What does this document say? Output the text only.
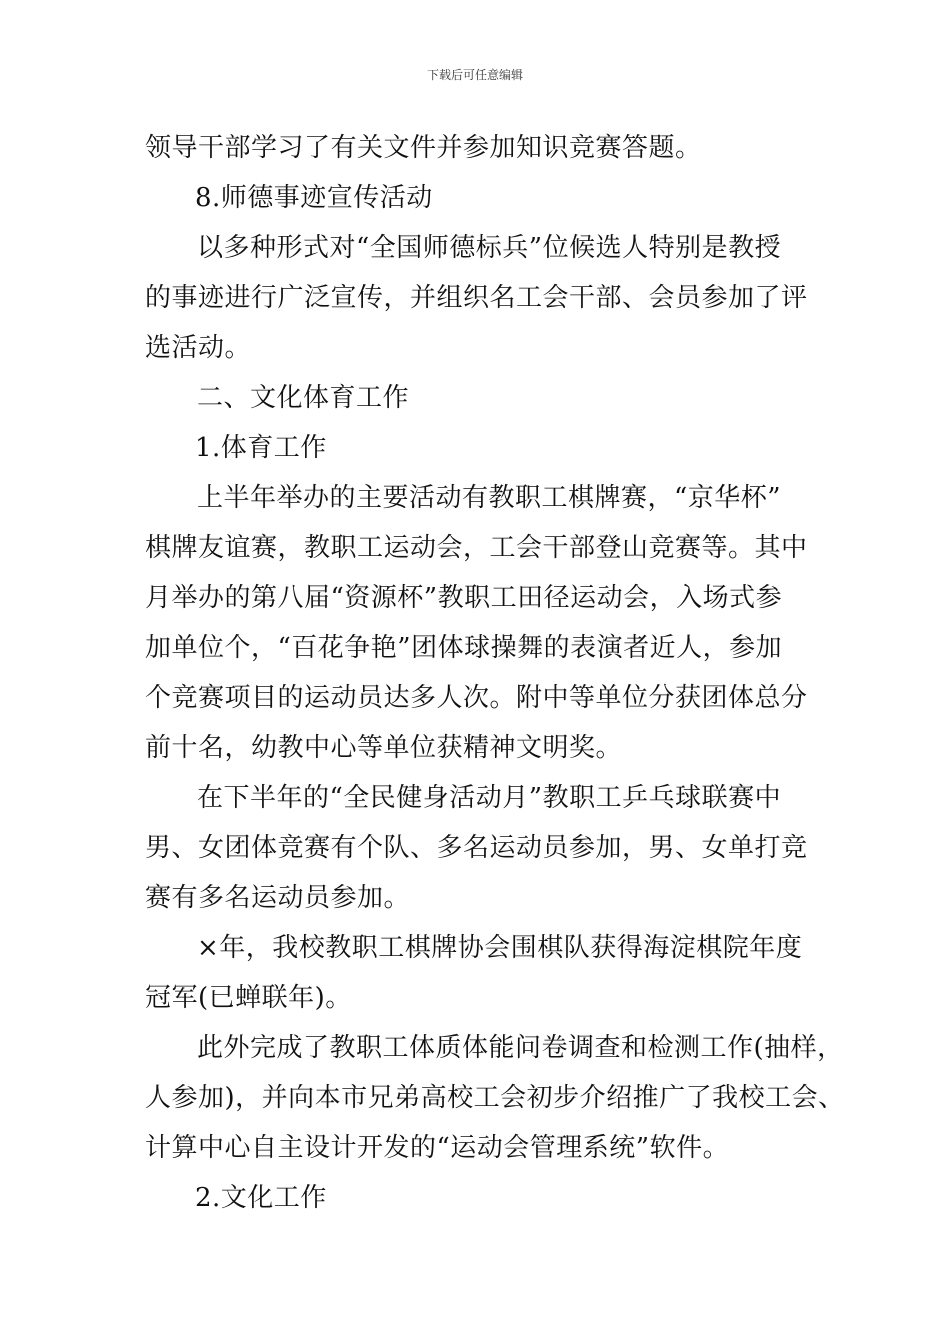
下载后可任意编辑

领导干部学习了有关文件并参加知识竞赛答题。

8.师德事迹宣传活动

以多种形式对“全国师德标兵”位候选人特别是教授

的事迹进行广泛宣传，并组织名工会干部、会员参加了评

选活动。

二、文化体育工作

1.体育工作

上半年举办的主要活动有教职工棋牌赛，“京华杯”

棋牌友谊赛，教职工运动会，工会干部登山竞赛等。其中

月举办的第八届“资源杯”教职工田径运动会，入场式参

加单位个，“百花争艳”团体球操舞的表演者近人，参加

个竞赛项目的运动员达多人次。附中等单位分获团体总分

前十名，幼教中心等单位获精神文明奖。

在下半年的“全民健身活动月”教职工乒乓球联赛中

男、女团体竞赛有个队、多名运动员参加，男、女单打竞

赛有多名运动员参加。

×年，我校教职工棋牌协会围棋队获得海淀棋院年度

冠军(已蝉联年)。

此外完成了教职工体质体能问卷调查和检测工作(抽样，

人参加)，并向本市兄弟高校工会初步介绍推广了我校工会、

计算中心自主设计开发的“运动会管理系统”软件。

2.文化工作
